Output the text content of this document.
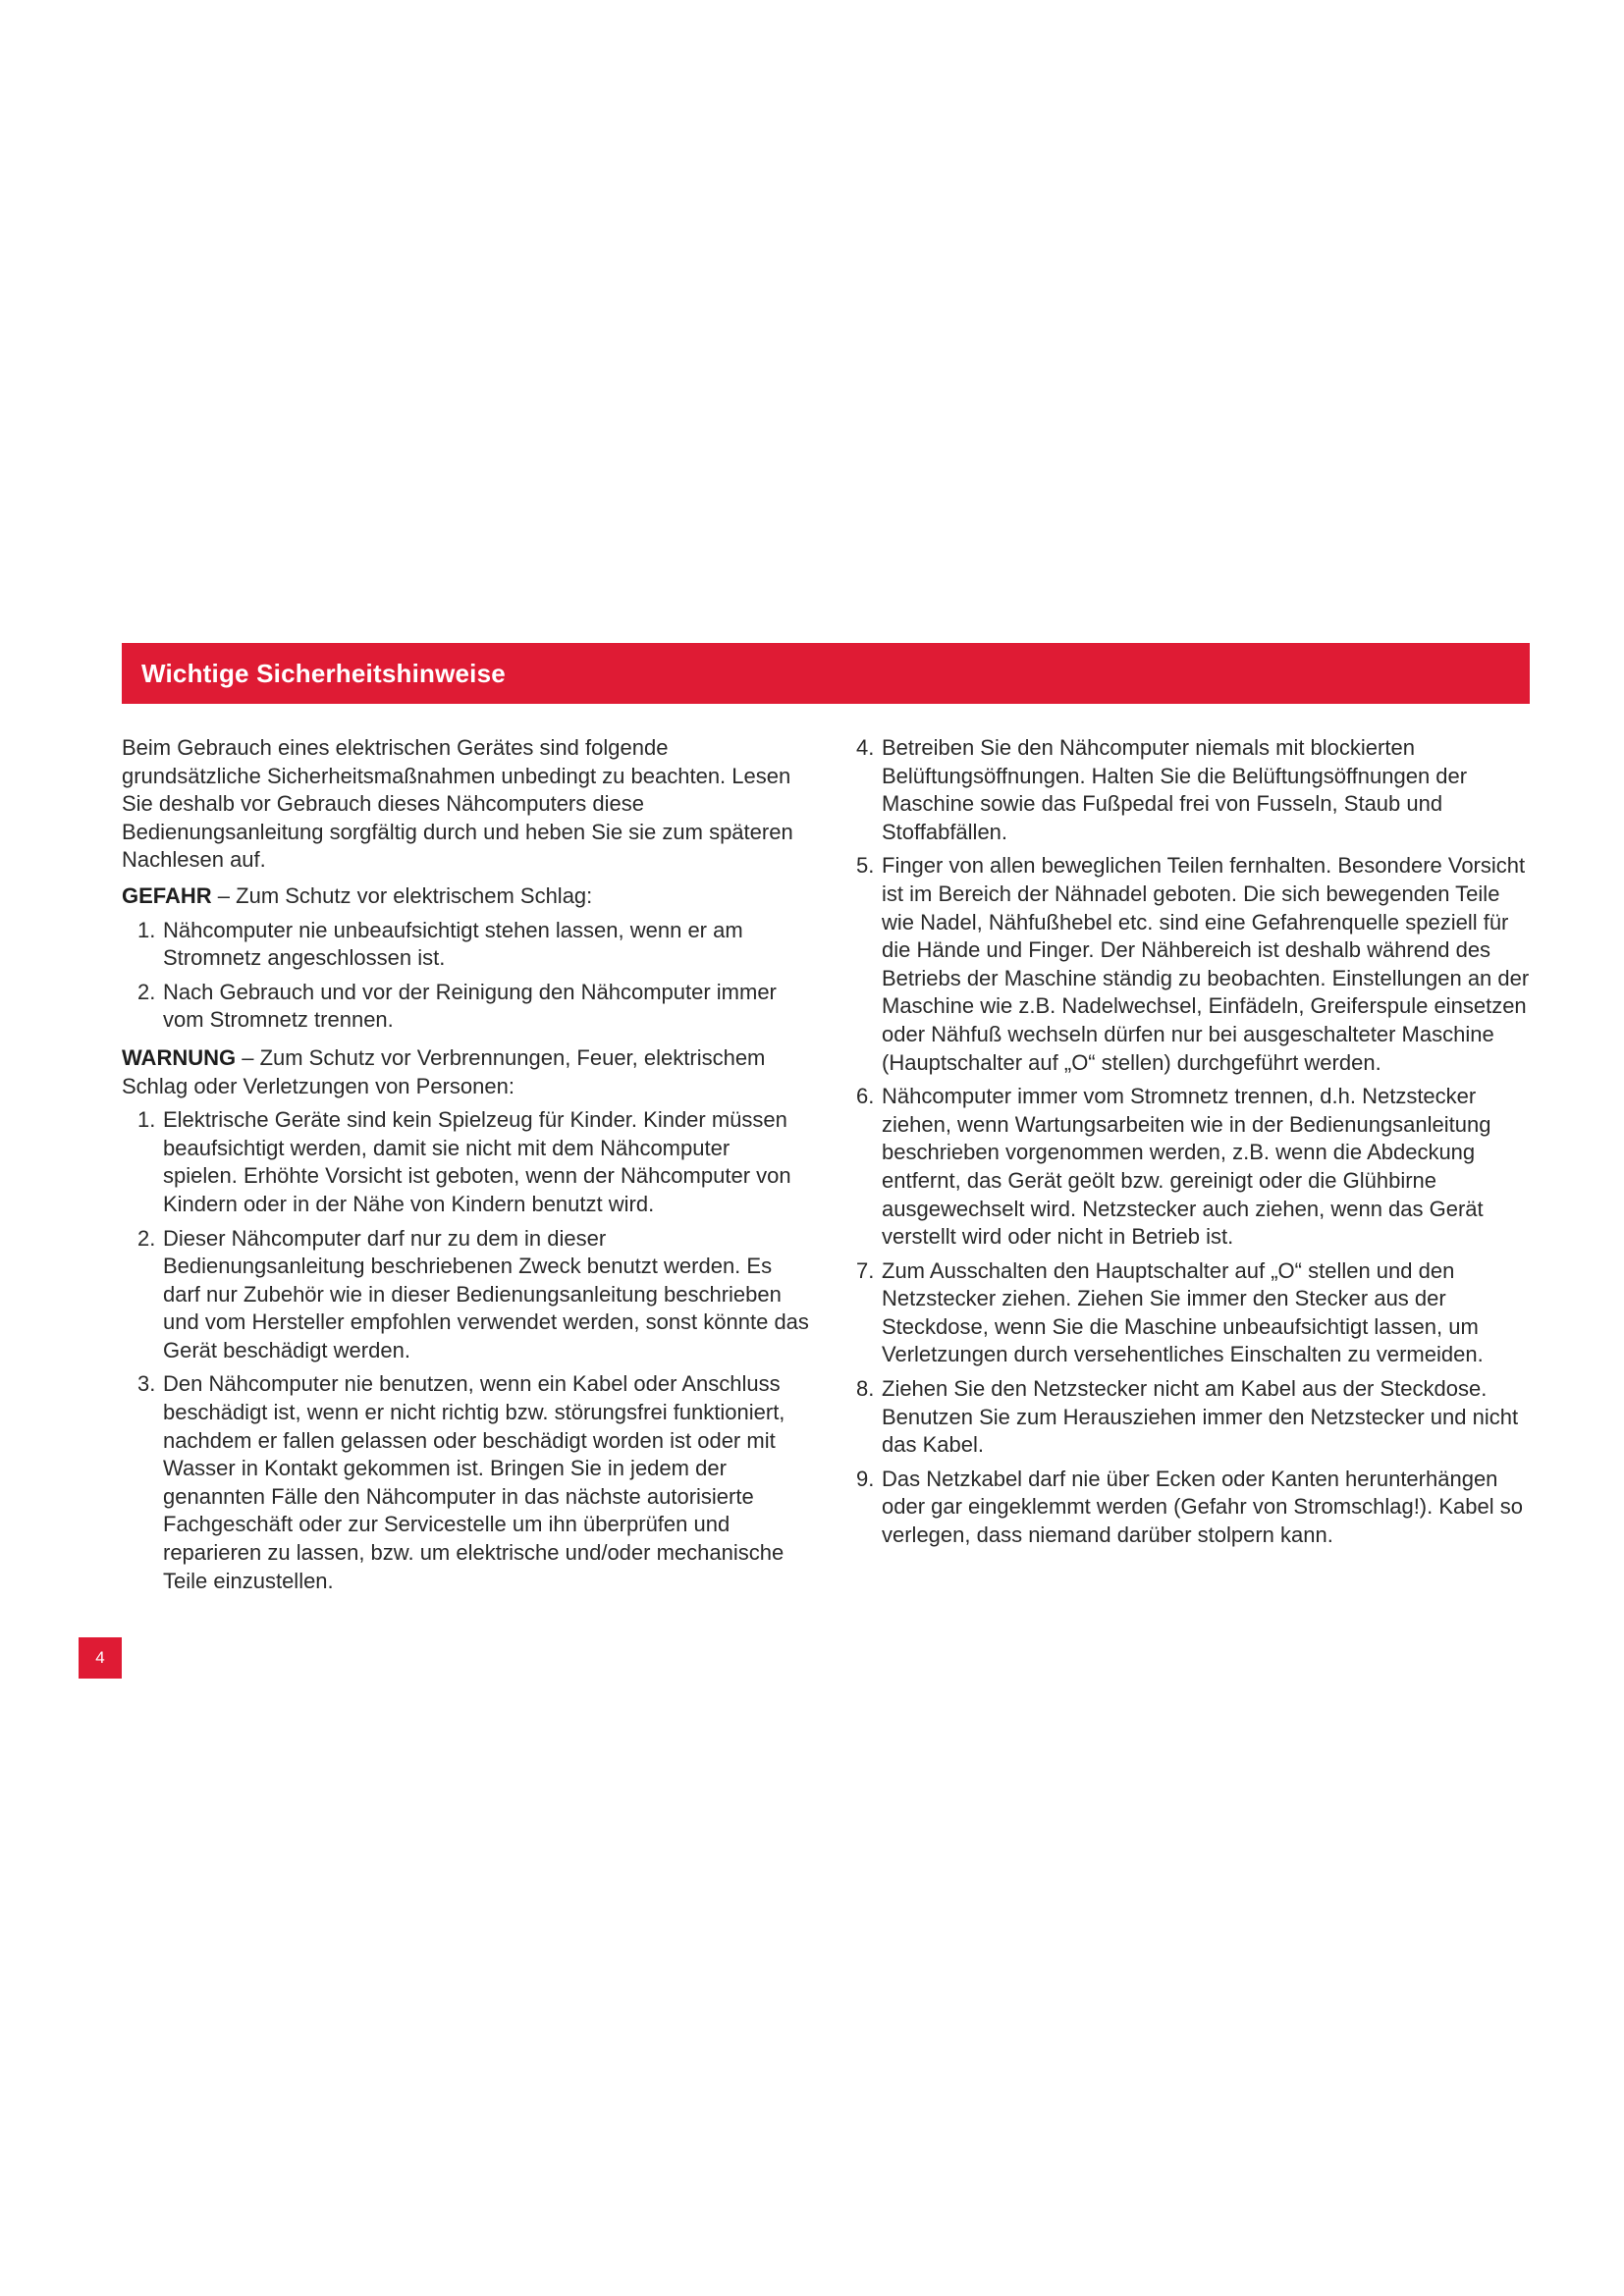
Wichtige Sicherheitshinweise

Beim Gebrauch eines elektrischen Gerätes sind folgende grundsätzliche Sicherheitsmaßnahmen unbedingt zu beachten. Lesen Sie deshalb vor Gebrauch dieses Nähcomputers diese Bedienungsanleitung sorgfältig durch und heben Sie sie zum späteren Nachlesen auf.

GEFAHR – Zum Schutz vor elektrischem Schlag:

1. Nähcomputer nie unbeaufsichtigt stehen lassen, wenn er am Stromnetz angeschlossen ist.
2. Nach Gebrauch und vor der Reinigung den Nähcomputer immer vom Stromnetz trennen.

WARNUNG – Zum Schutz vor Verbrennungen, Feuer, elektrischem Schlag oder Verletzungen von Personen:

1. Elektrische Geräte sind kein Spielzeug für Kinder. Kinder müssen beaufsichtigt werden, damit sie nicht mit dem Nähcomputer spielen. Erhöhte Vorsicht ist geboten, wenn der Nähcomputer von Kindern oder in der Nähe von Kindern benutzt wird.
2. Dieser Nähcomputer darf nur zu dem in dieser Bedienungsanleitung beschriebenen Zweck benutzt werden. Es darf nur Zubehör wie in dieser Bedienungsanleitung beschrieben und vom Hersteller empfohlen verwendet werden, sonst könnte das Gerät beschädigt werden.
3. Den Nähcomputer nie benutzen, wenn ein Kabel oder Anschluss beschädigt ist, wenn er nicht richtig bzw. störungsfrei funktioniert, nachdem er fallen gelassen oder beschädigt worden ist oder mit Wasser in Kontakt gekommen ist. Bringen Sie in jedem der genannten Fälle den Nähcomputer in das nächste autorisierte Fachgeschäft oder zur Servicestelle um ihn überprüfen und reparieren zu lassen, bzw. um elektrische und/oder mechanische Teile einzustellen.
4. Betreiben Sie den Nähcomputer niemals mit blockierten Belüftungsöffnungen. Halten Sie die Belüftungsöffnungen der Maschine sowie das Fußpedal frei von Fusseln, Staub und Stoffabfällen.
5. Finger von allen beweglichen Teilen fernhalten. Besondere Vorsicht ist im Bereich der Nähnadel geboten. Die sich bewegenden Teile wie Nadel, Nähfußhebel etc. sind eine Gefahrenquelle speziell für die Hände und Finger. Der Nähbereich ist deshalb während des Betriebs der Maschine ständig zu beobachten. Einstellungen an der Maschine wie z.B. Nadelwechsel, Einfädeln, Greiferspule einsetzen oder Nähfuß wechseln dürfen nur bei ausgeschalteter Maschine (Hauptschalter auf „O“ stellen) durchgeführt werden.
6. Nähcomputer immer vom Stromnetz trennen, d.h. Netzstecker ziehen, wenn Wartungsarbeiten wie in der Bedienungsanleitung beschrieben vorgenommen werden, z.B. wenn die Abdeckung entfernt, das Gerät geölt bzw. gereinigt oder die Glühbirne ausgewechselt wird. Netzstecker auch ziehen, wenn das Gerät verstellt wird oder nicht in Betrieb ist.
7. Zum Ausschalten den Hauptschalter auf „O“ stellen und den Netzstecker ziehen. Ziehen Sie immer den Stecker aus der Steckdose, wenn Sie die Maschine unbeaufsichtigt lassen, um Verletzungen durch versehentliches Einschalten zu vermeiden.
8. Ziehen Sie den Netzstecker nicht am Kabel aus der Steckdose. Benutzen Sie zum Herausziehen immer den Netzstecker und nicht das Kabel.
9. Das Netzkabel darf nie über Ecken oder Kanten herunterhängen oder gar eingeklemmt werden (Gefahr von Stromschlag!). Kabel so verlegen, dass niemand darüber stolpern kann.
4
